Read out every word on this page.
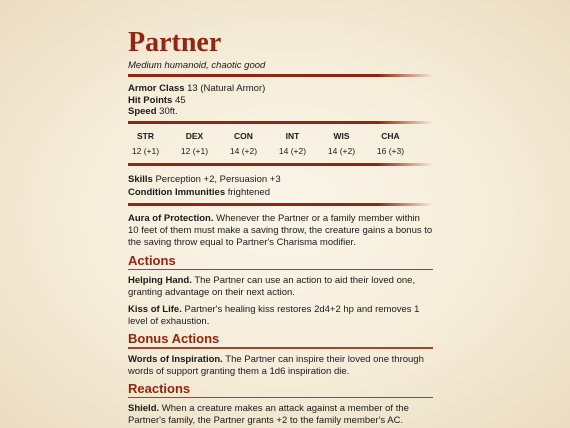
Partner
Medium humanoid, chaotic good
Armor Class 13 (Natural Armor)
Hit Points 45
Speed 30ft.
STR
12 (+1)
DEX
12 (+1)
CON
14 (+2)
INT
14 (+2)
WIS
14 (+2)
CHA
16 (+3)
Skills Perception +2, Persuasion +3
Condition Immunities frightened
Aura of Protection. Whenever the Partner or a family member within 10 feet of them must make a saving throw, the creature gains a bonus to the saving throw equal to Partner's Charisma modifier.
Actions
Helping Hand. The Partner can use an action to aid their loved one, granting advantage on their next action.
Kiss of Life. Partner's healing kiss restores 2d4+2 hp and removes 1 level of exhaustion.
Bonus Actions
Words of Inspiration. The Partner can inspire their loved one through words of support granting them a 1d6 inspiration die.
Reactions
Shield. When a creature makes an attack against a member of the Partner's family, the Partner grants +2 to the family member's AC.
